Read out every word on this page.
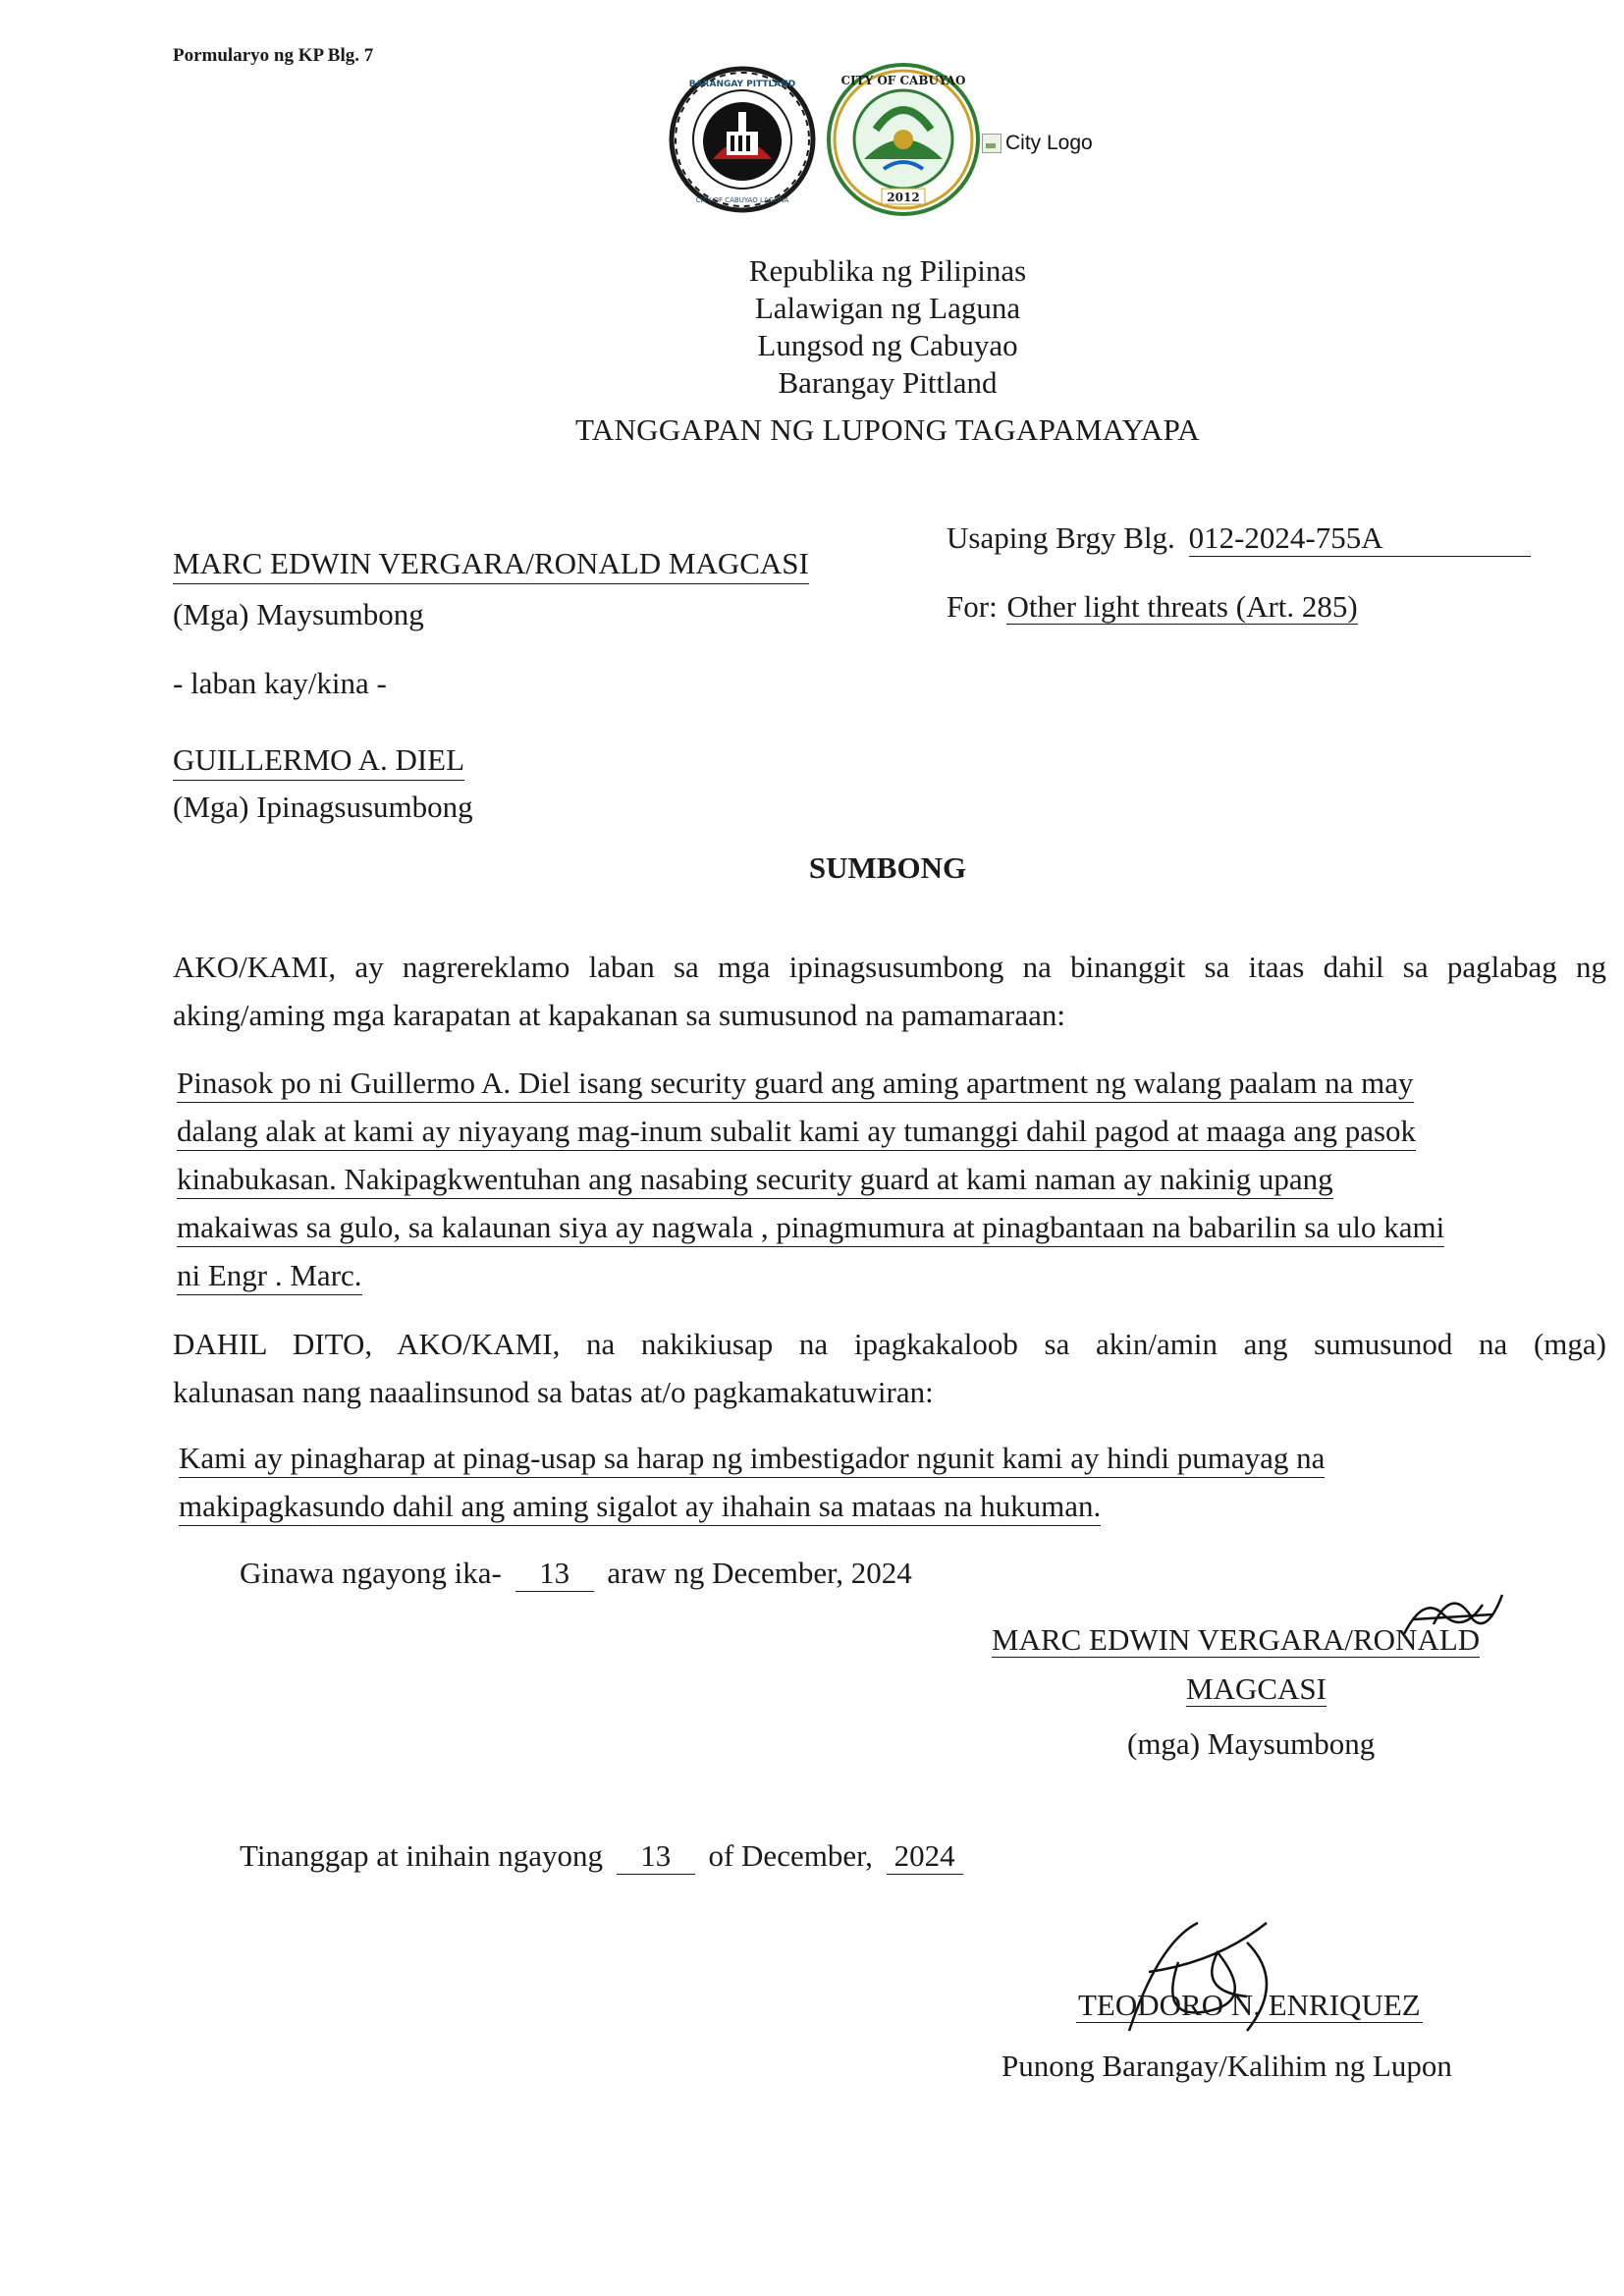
Pormularyo ng KP Blg. 7
BARANGAY PITTLAND
CITY OF CABUYAO LAGUNA
CITY OF CABUYAO
2012
City Logo
Republika ng Pilipinas
Lalawigan ng Laguna
Lungsod ng Cabuyao
Barangay Pittland
TANGGAPAN NG LUPONG TAGAPAMAYAPA
Usaping Brgy Blg. 012-2024-755A
For: Other light threats (Art. 285)
MARC EDWIN VERGARA/RONALD MAGCASI
(Mga) Maysumbong
- laban kay/kina -
GUILLERMO A. DIEL
(Mga) Ipinagsusumbong
SUMBONG
AKO/KAMI, ay nagrereklamo laban sa mga ipinagsusumbong na binanggit sa itaas dahil sa paglabag ng
aking/aming mga karapatan at kapakanan sa sumusunod na pamamaraan:
Pinasok po ni Guillermo A. Diel isang security guard ang aming apartment ng walang paalam na may
dalang alak at kami ay niyayang mag-inum subalit kami ay tumanggi dahil pagod at maaga ang pasok
kinabukasan. Nakipagkwentuhan ang nasabing security guard at kami naman ay nakinig upang
makaiwas sa gulo, sa kalaunan siya ay nagwala , pinagmumura at pinagbantaan na babarilin sa ulo kami
ni Engr . Marc.
DAHIL DITO, AKO/KAMI, na nakikiusap na ipagkakaloob sa akin/amin ang sumusunod na (mga)
kalunasan nang naaalinsunod sa batas at/o pagkamakatuwiran:
Kami ay pinagharap at pinag-usap sa harap ng imbestigador ngunit kami ay hindi pumayag na
makipagkasundo dahil ang aming sigalot ay ihahain sa mataas na hukuman.
Ginawa ngayong ika- 13 araw ng December, 2024
MARC EDWIN VERGARA/RONALD
MAGCASI
(mga) Maysumbong
Tinanggap at inihain ngayong 13 of December, 2024
TEODORO N. ENRIQUEZ
Punong Barangay/Kalihim ng Lupon
